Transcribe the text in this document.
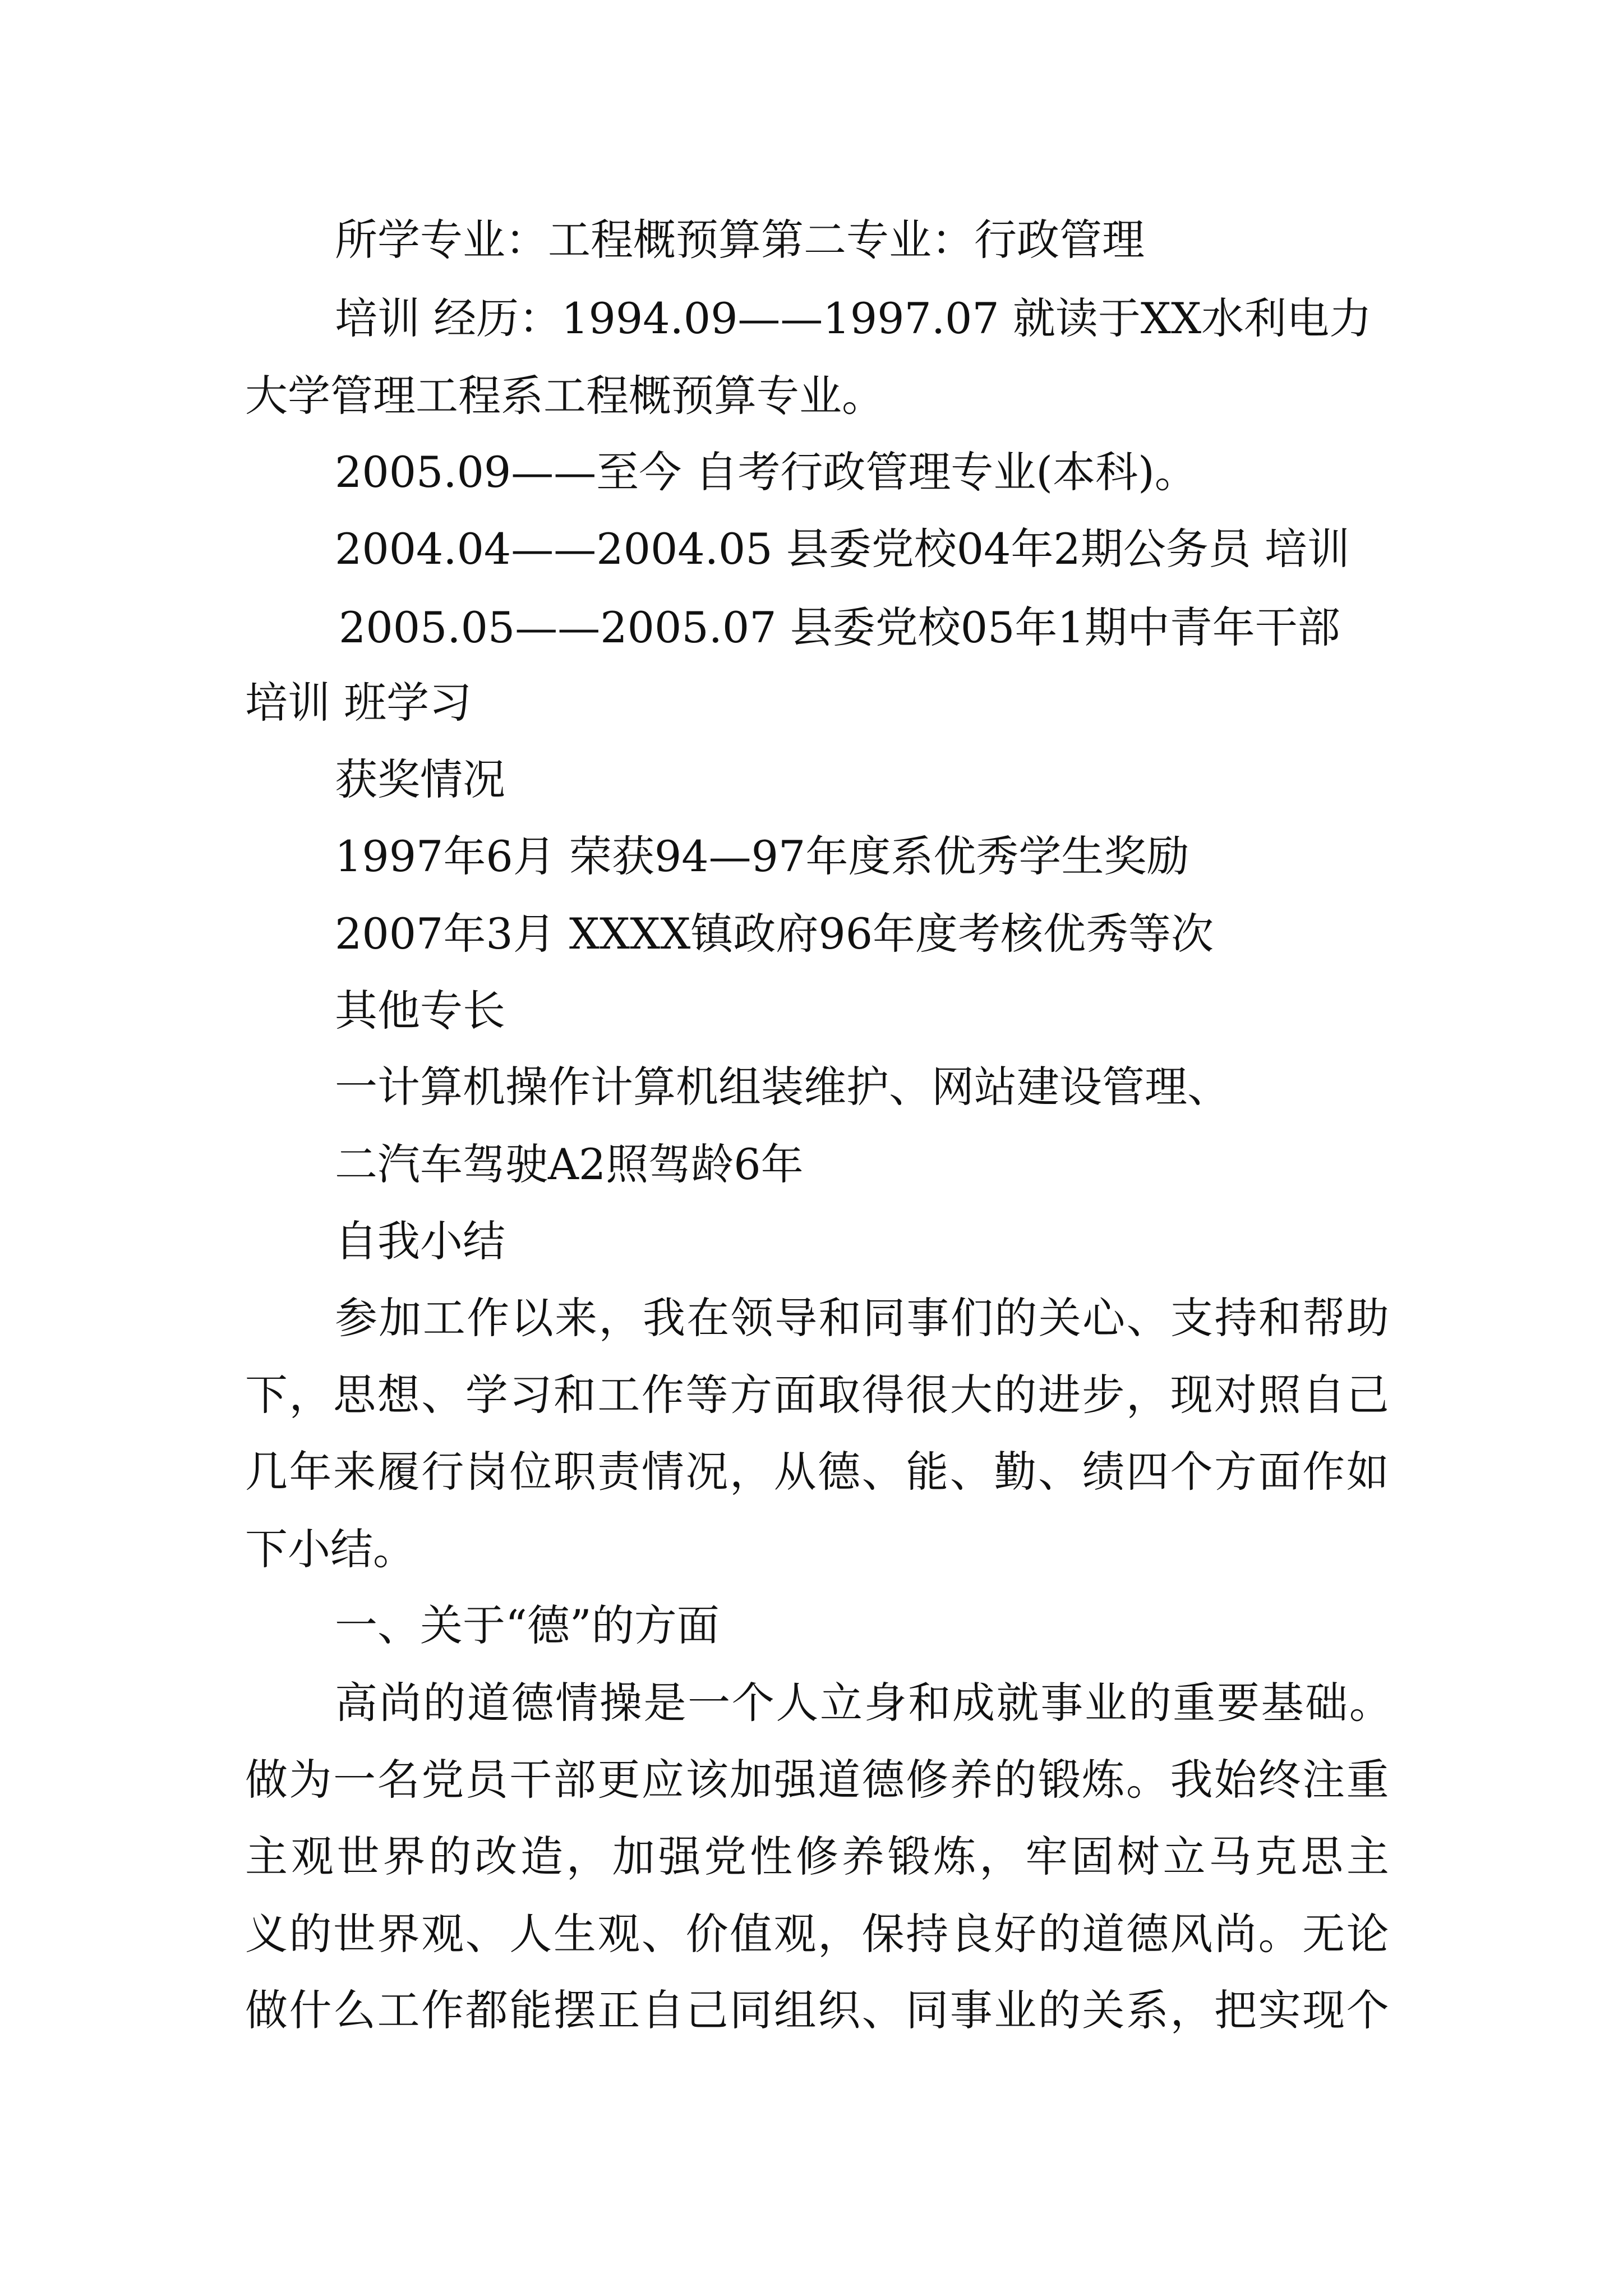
所学专业：工程概预算第二专业：行政管理
培训 经历：1994.09——1997.07 就读于XX水利电力
大学管理工程系工程概预算专业。
2005.09——至今 自考行政管理专业(本科)。
2004.04——2004.05 县委党校04年2期公务员 培训
2005.05——2005.07 县委党校05年1期中青年干部
培训 班学习
获奖情况
1997年6月 荣获94—97年度系优秀学生奖励
2007年3月 XXXX镇政府96年度考核优秀等次
其他专长
一计算机操作计算机组装维护、网站建设管理、
二汽车驾驶A2照驾龄6年
自我小结
参 加 工 作 以 来 ， 我 在 领 导 和 同 事 们 的 关 心 、 支 持 和 帮 助
下 ， 思 想 、 学 习 和 工 作 等 方 面 取 得 很 大 的 进 步 ， 现 对 照 自 己
几 年 来 履 行 岗 位 职 责 情 况 ， 从 德 、 能 、 勤 、 绩 四 个 方 面 作 如
下小结。
一、关于“德”的方面
高 尚 的 道 德 情 操 是 一 个 人 立 身 和 成 就 事 业 的 重 要 基 础 。
做 为 一 名 党 员 干 部 更 应 该 加 强 道 德 修 养 的 锻 炼 。 我 始 终 注 重
主 观 世 界 的 改 造 ， 加 强 党 性 修 养 锻 炼 ， 牢 固 树 立 马 克 思 主
义 的 世 界 观 、 人 生 观 、 价 值 观 ， 保 持 良 好 的 道 德 风 尚 。 无 论
做 什 么 工 作 都 能 摆 正 自 己 同 组 织 、 同 事 业 的 关 系 ， 把 实 现 个
